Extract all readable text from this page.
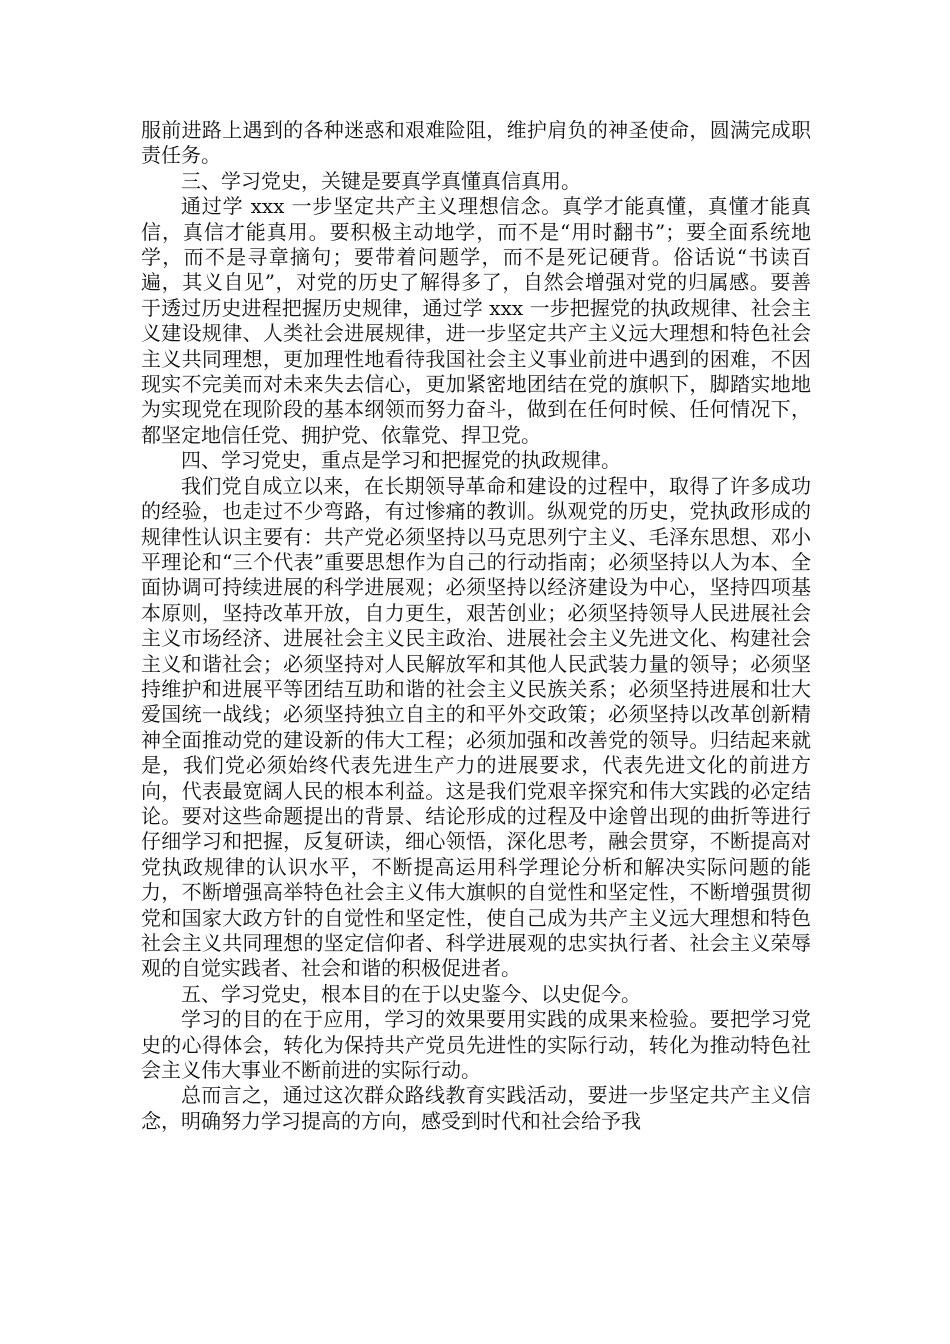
服前进路上遇到的各种迷惑和艰难险阻，维护肩负的神圣使命，圆满完成职责任务。

三、学习党史，关键是要真学真懂真信真用。

通过学 xxx 一步坚定共产主义理想信念。真学才能真懂，真懂才能真信，真信才能真用。要积极主动地学，而不是“用时翻书”；要全面系统地学，而不是寻章摘句；要带着问题学，而不是死记硬背。俗话说“书读百遍，其义自见”，对党的历史了解得多了，自然会增强对党的归属感。要善于透过历史进程把握历史规律，通过学 xxx 一步把握党的执政规律、社会主义建设规律、人类社会进展规律，进一步坚定共产主义远大理想和特色社会主义共同理想，更加理性地看待我国社会主义事业前进中遇到的困难，不因现实不完美而对未来失去信心，更加紧密地团结在党的旗帜下，脚踏实地地为实现党在现阶段的基本纲领而努力奋斗，做到在任何时候、任何情况下，都坚定地信任党、拥护党、依靠党、捍卫党。

四、学习党史，重点是学习和把握党的执政规律。

我们党自成立以来，在长期领导革命和建设的过程中，取得了许多成功的经验，也走过不少弯路，有过惨痛的教训。纵观党的历史，党执政形成的规律性认识主要有：共产党必须坚持以马克思列宁主义、毛泽东思想、邓小平理论和“三个代表”重要思想作为自己的行动指南；必须坚持以人为本、全面协调可持续进展的科学进展观；必须坚持以经济建设为中心，坚持四项基本原则，坚持改革开放，自力更生，艰苦创业；必须坚持领导人民进展社会主义市场经济、进展社会主义民主政治、进展社会主义先进文化、构建社会主义和谐社会；必须坚持对人民解放军和其他人民武装力量的领导；必须坚持维护和进展平等团结互助和谐的社会主义民族关系；必须坚持进展和壮大爱国统一战线；必须坚持独立自主的和平外交政策；必须坚持以改革创新精神全面推动党的建设新的伟大工程；必须加强和改善党的领导。归结起来就是，我们党必须始终代表先进生产力的进展要求，代表先进文化的前进方向，代表最宽阔人民的根本利益。这是我们党艰辛探究和伟大实践的必定结论。要对这些命题提出的背景、结论形成的过程及中途曾出现的曲折等进行仔细学习和把握，反复研读，细心领悟，深化思考，融会贯穿，不断提高对党执政规律的认识水平，不断提高运用科学理论分析和解决实际问题的能力，不断增强高举特色社会主义伟大旗帜的自觉性和坚定性，不断增强贯彻党和国家大政方针的自觉性和坚定性，使自己成为共产主义远大理想和特色社会主义共同理想的坚定信仰者、科学进展观的忠实执行者、社会主义荣辱观的自觉实践者、社会和谐的积极促进者。

五、学习党史，根本目的在于以史鉴今、以史促今。

学习的目的在于应用，学习的效果要用实践的成果来检验。要把学习党史的心得体会，转化为保持共产党员先进性的实际行动，转化为推动特色社会主义伟大事业不断前进的实际行动。

总而言之，通过这次群众路线教育实践活动，要进一步坚定共产主义信念，明确努力学习提高的方向，感受到时代和社会给予我
